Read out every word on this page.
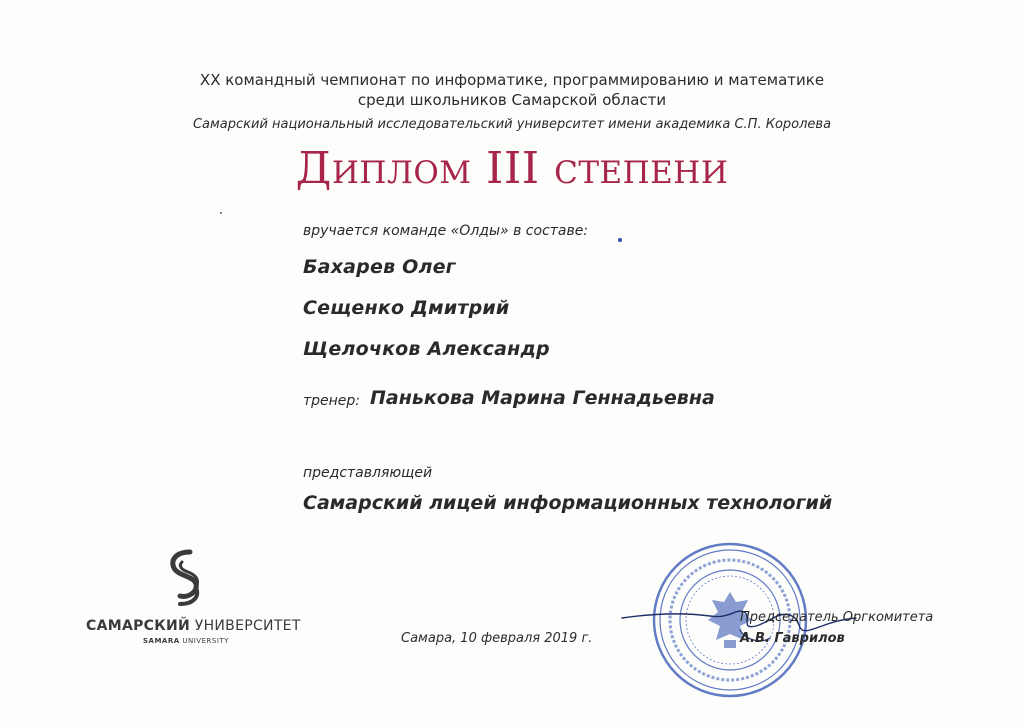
XX командный чемпионат по информатике, программированию и математике
среди школьников Самарской области
Самарский национальный исследовательский университет имени академика С.П. Королева
Диплом III степени
вручается команде «Олды» в составе:
Бахарев Олег
Сещенко Дмитрий
Щелочков Александр
тренер: Панькова Марина Геннадьевна
представляющей
Самарский лицей информационных технологий
САМАРСКИЙ УНИВЕРСИТЕТ
SAMARA UNIVERSITY	Самара, 10 февраля 2019 г.
Председатель Оргкомитета
А.В. Гаврилов
